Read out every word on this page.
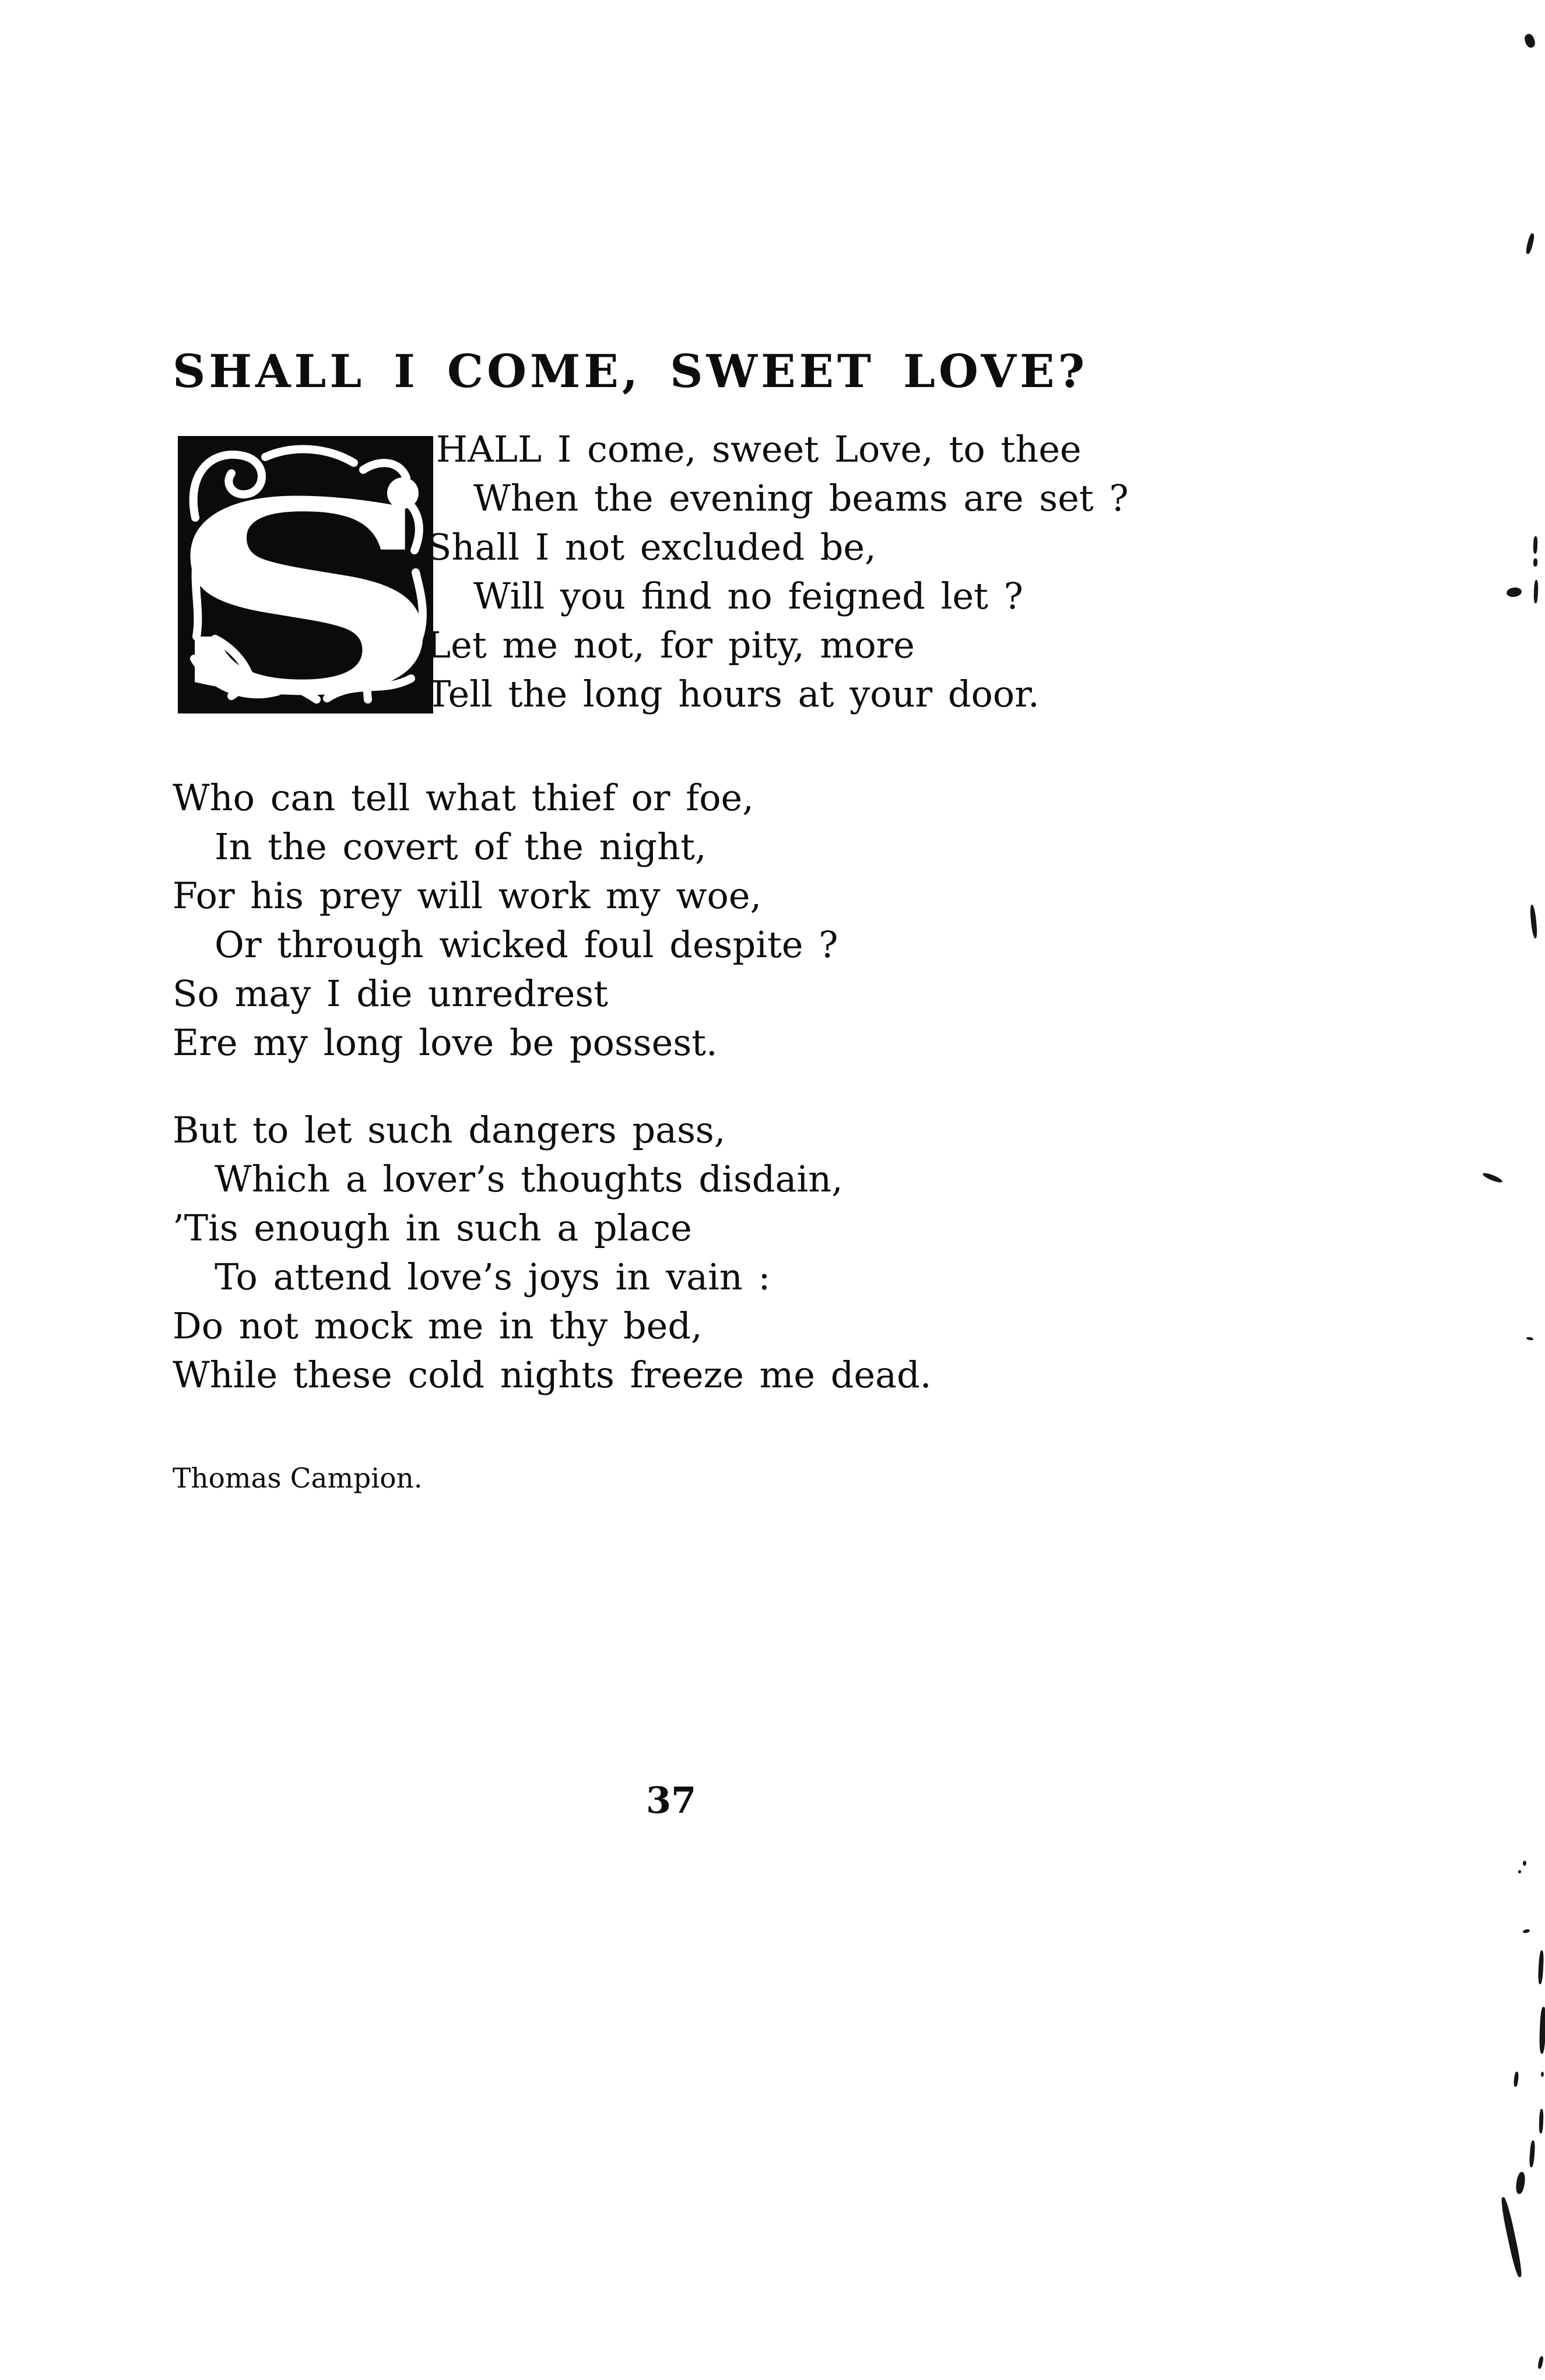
SHALL I COME, SWEET LOVE?
S
HALL I come, sweet Love, to thee
When the evening beams are set ?
Shall I not excluded be,
Will you find no feigned let ?
Let me not, for pity, more
Tell the long hours at your door.
Who can tell what thief or foe,
In the covert of the night,
For his prey will work my woe,
Or through wicked foul despite ?
So may I die unredrest
Ere my long love be possest.
But to let such dangers pass,
Which a lover’s thoughts disdain,
’Tis enough in such a place
To attend love’s joys in vain :
Do not mock me in thy bed,
While these cold nights freeze me dead.
Thomas Campion.
37
